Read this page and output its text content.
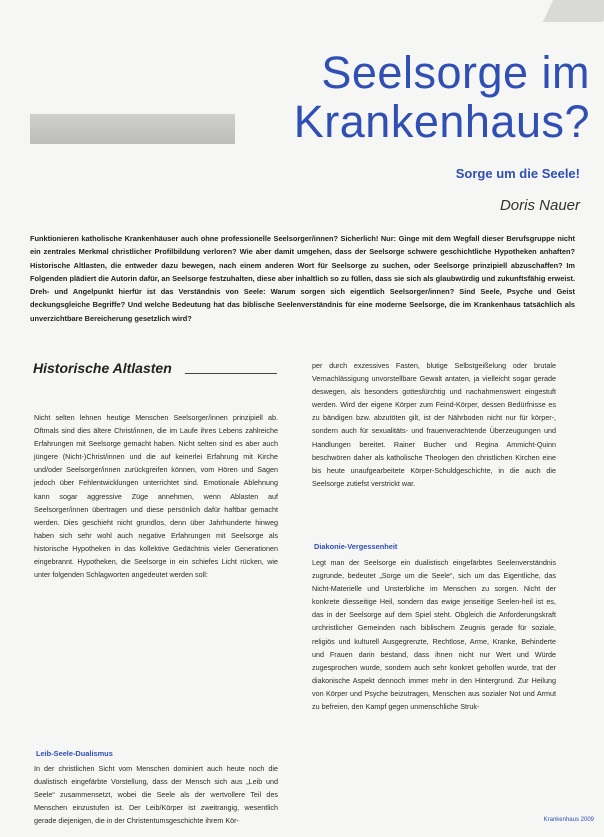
Seelsorge im
Krankenhaus?
Sorge um die Seele!
Doris Nauer
Funktionieren katholische Krankenhäuser auch ohne professionelle Seelsorger/innen? Sicherlich! Nur: Ginge mit dem Wegfall dieser Berufsgruppe nicht ein zentrales Merkmal christlicher Profilbildung verloren? Wie aber damit umgehen, dass der Seelsorge schwere geschichtliche Hypotheken anhaften? Historische Altlasten, die entweder dazu bewegen, nach einem anderen Wort für Seelsorge zu suchen, oder Seelsorge prinzipiell abzuschaffen? Im Folgenden plädiert die Autorin dafür, an Seelsorge festzuhalten, diese aber inhaltlich so zu füllen, dass sie sich als glaubwürdig und zukunftsfähig erweist. Dreh- und Angelpunkt hierfür ist das Verständnis von Seele: Warum sorgen sich eigentlich Seelsorger/innen? Sind Seele, Psyche und Geist deckungsgleiche Begriffe? Und welche Bedeutung hat das biblische Seelenverständnis für eine moderne Seelsorge, die im Krankenhaus tatsächlich als unverzichtbare Bereicherung gesetzlich wird?
Historische Altlasten

Nicht selten lehnen heutige Menschen Seelsorger/innen prinzipiell ab. Oftmals sind dies ältere Christ/innen, die im Laufe ihres Lebens zahlreiche Erfahrungen mit Seelsorge gemacht haben. Nicht selten sind es aber auch jüngere (Nicht-)Christ/innen und die auf keinerlei Erfahrung mit Kirche und/oder Seelsorger/innen zurückgreifen können, vom Hören und Sagen jedoch über Fehlentwicklungen unterrichtet sind. Emotionale Ablehnung kann sogar aggressive Züge annehmen, wenn Ablasten auf Seelsorger/innen übertragen und diese persönlich dafür haftbar gemacht werden. Dies geschieht nicht grundlos, denn über Jahrhunderte hinweg haben sich sehr wohl auch negative Erfahrungen mit Seelsorge als historische Hypotheken in das kollektive Gedächtnis vieler Generationen eingebrannt. Hypotheken, die Seelsorge in ein schiefes Licht rücken, wie unter folgenden Schlagworten angedeutet werden soll:

Leib-Seele-Dualismus

In der christlichen Sicht vom Menschen dominiert auch heute noch die dualistisch eingefärbte Vorstellung, dass der Mensch sich aus „Leib und Seele“ zusammensetzt, wobei die Seele als der wertvollere Teil des Menschen einzustufen ist. Der Leib/Körper ist zweitrangig, wesentlich gerade diejenigen, die in der Christentumsgeschichte ihrem Kör-

per durch exzessives Fasten, blutige Selbstgeißelung oder brutale Vernachlässigung unvorstellbare Gewalt antaten, ja vielleicht sogar gerade deswegen, als besonders gottesfürchtig und nachahmenswert eingestuft werden. Wird der eigene Körper zum Feind-Körper, dessen Bedürfnisse es zu bändigen bzw. abzutöten gilt, ist der Nährboden nicht nur für körper-, sondern auch für sexualitäts- und frauenverachtende Überzeugungen und Handlungen bereitet. Rainer Bucher und Regina Ammicht-Quinn beschwören daher als katholische Theologen den christlichen Kirchen eine bis heute unaufgearbeitete Körper-Schuldgeschichte, in die auch die Seelsorge zutiefst verstrickt war.

Diakonie-Vergessenheit

Legt man der Seelsorge ein dualistisch eingefärbtes Seelenverständnis zugrunde, bedeutet „Sorge um die Seele“, sich um das Eigentliche, das Nicht-Materielle und Unsterbliche im Menschen zu sorgen. Nicht der konkrete diesseitige Heil, sondern das ewige jenseitige Seelen-heil ist es, das in der Seelsorge auf dem Spiel steht. Obgleich die Anforderungskraft urchristlicher Gemeinden nach biblischem Zeugnis gerade für soziale, religiös und kulturell Ausgegrenzte, Rechtlose, Arme, Kranke, Behinderte und Frauen darin bestand, dass ihnen nicht nur Wert und Würde zugesprochen wurde, sondern auch sehr konkret geholfen wurde, trat der diakonische Aspekt dennoch immer mehr in den Hintergrund. Zur Heilung von Körper und Psyche beizutragen, Menschen aus sozialer Not und Armut zu befreien, den Kampf gegen unmenschliche Struk-

Krankenhaus 2009
